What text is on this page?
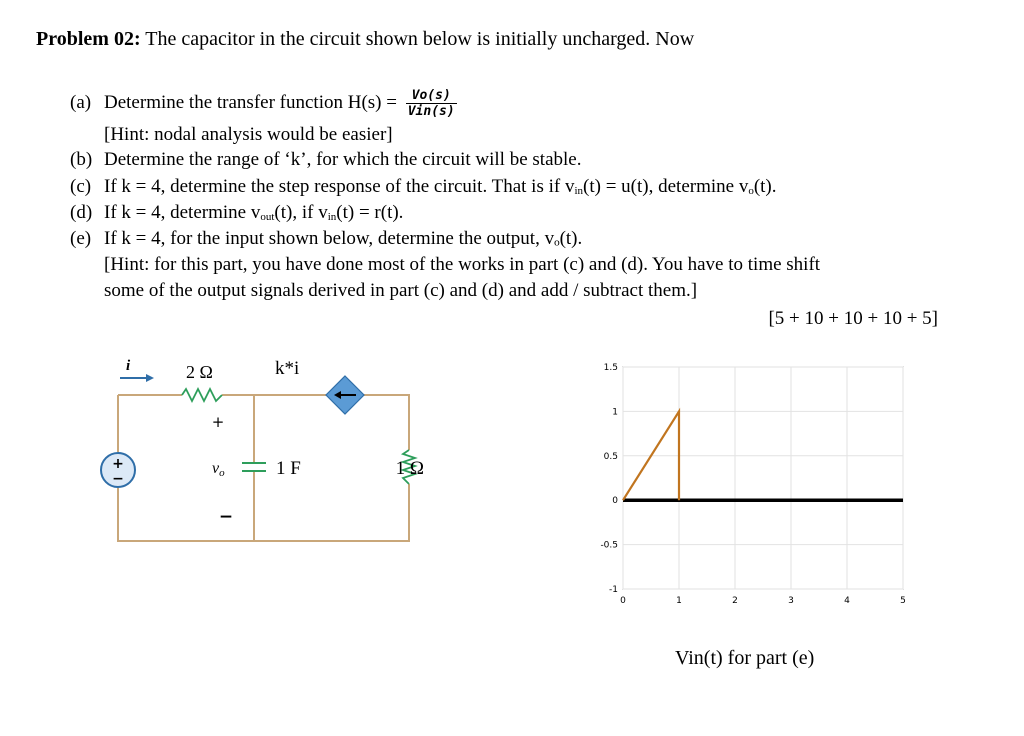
Problem 02: The capacitor in the circuit shown below is initially uncharged. Now
(a) Determine the transfer function $H(s) = \frac{Vo(s)}{\text{Vin(s)}}$
[Hint: nodal analysis would be easier]
(b) Determine the range of ‘k’, for which the circuit will be stable.
(c) If k = 4, determine the step response of the circuit. That is if $v_{in}(t) = u(t)$, determine $v_o(t)$.
(d) If k = 4, determine $v_{out}(t)$, if $v_{in}(t) = r(t)$.
(e) If k = 4, for the input shown below, determine the output, vₒ(t).
[Hint: for this part, you have done most of the works in part (c) and (d). You have to time shift
some of the output signals derived in part (c) and (d) and add / subtract them.]
[5 + 10 + 10 + 10 + 5]
+
−
i	2 Ω	k*i
+
vo
−
1 F	1 Ω
-1
-0.5
0
0.5
1
1.5
0	1	2	3	4	5
Vin(t) for part (e)
